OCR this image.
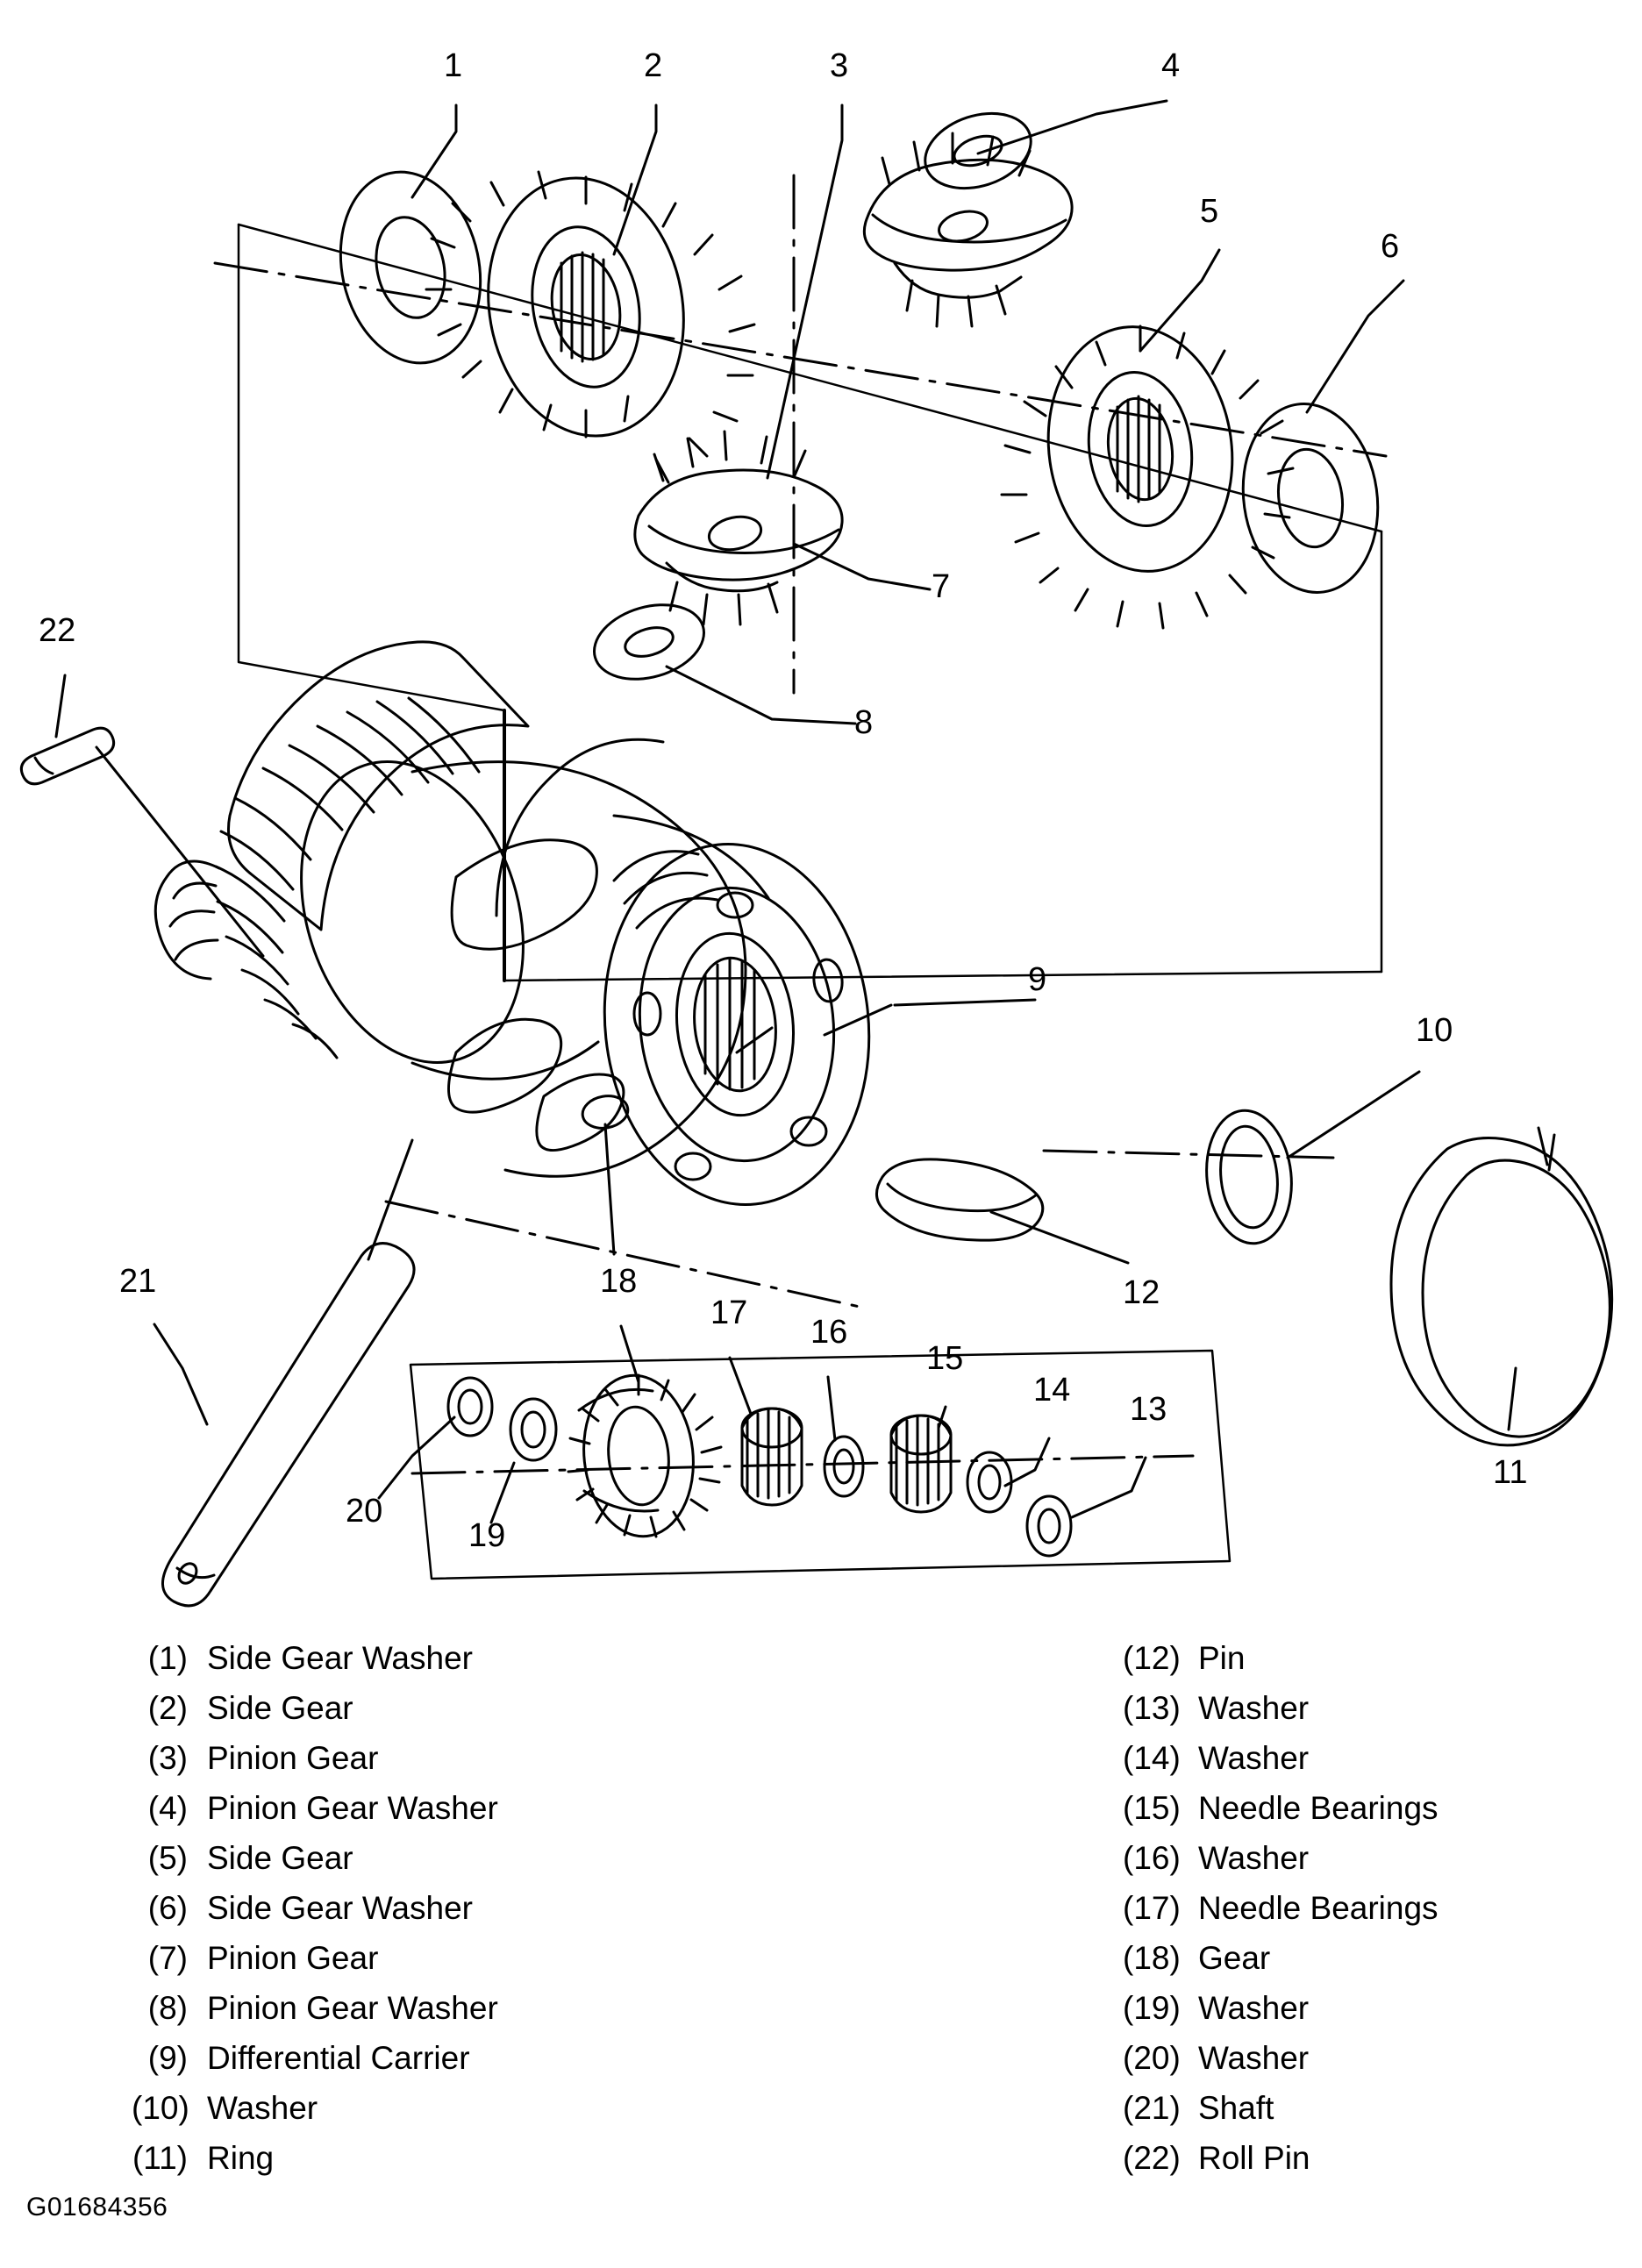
1	2	3	4
5
6
7
8
9
10
11
12
13
14
15
16
17
18
19
20
21
22
(1) Side Gear Washer
(2) Side Gear
(3) Pinion Gear
(4) Pinion Gear Washer
(5) Side Gear
(6) Side Gear Washer
(7) Pinion Gear
(8) Pinion Gear Washer
(9) Differential Carrier
(10) Washer
(11) Ring
(12) Pin
(13) Washer
(14) Washer
(15) Needle Bearings
(16) Washer
(17) Needle Bearings
(18) Gear
(19) Washer
(20) Washer
(21) Shaft
(22) Roll Pin
G01684356
